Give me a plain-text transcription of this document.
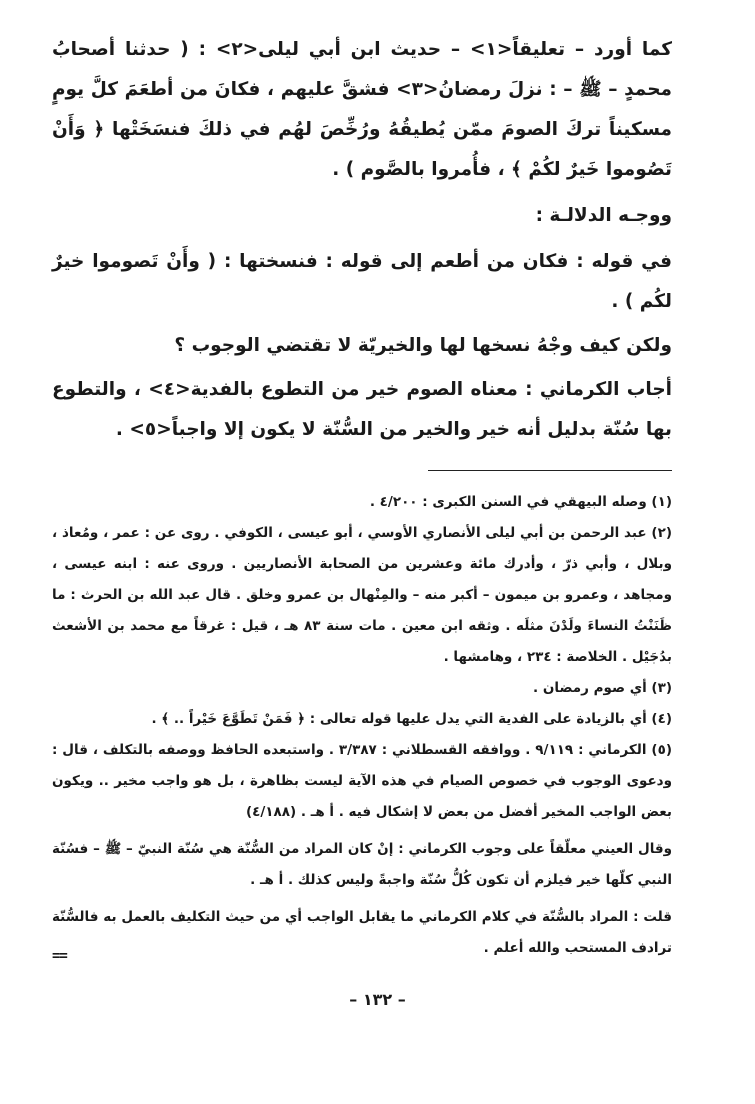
كما أورد – تعليقاً<١> – حديث ابن أبي ليلى<٢> : ( حدثنا أصحابُ محمدٍ – ﷺ – : نزلَ رمضانُ<٣> فشقَّ عليهم ، فكانَ من أطعَمَ كلَّ يومٍ مسكيناً تركَ الصومَ ممّن يُطيقُهُ ورُخِّصَ لهُم في ذلكَ فنسَخَتْها ﴿ وَأَنْ تَصُوموا خَيرٌ لكُمْ ﴾ ، فأُمروا بالصَّوم ) .

ووجـه الدلالـة :

في قوله : فكان من أطعم إلى قوله : فنسختها : ( وأَنْ تَصوموا خيرٌ لكُم ) .

ولكن كيف وجْهُ نسخها لها والخيريّة لا تقتضي الوجوب ؟

أجاب الكرماني : معناه الصوم خير من التطوع بالفدية<٤> ، والتطوع بها سُنّة بدليل أنه خير والخير من السُّنّة لا يكون إلا واجباً<٥> .

(١) وصله البيهقي في السنن الكبرى : ٤/٢٠٠ .

(٢) عبد الرحمن بن أبي ليلى الأنصاري الأوسي ، أبو عيسى ، الكوفي . روى عن : عمر ، ومُعاذ ، وبلال ، وأبي ذرّ ، وأدرك مائة وعشرين من الصحابة الأنصاريين . وروى عنه : ابنه عيسى ، ومجاهد ، وعمرو بن ميمون – أكبر منه – والمِنْهال بن عمرو وخلق . قال عبد الله بن الحرث : ما ظَنَنْتُ النساءَ ولَدْنَ مثلَه . وثقه ابن معين . مات سنة ٨٣ هـ ، قيل : غرقاً مع محمد بن الأشعث بدُجَيْل . الخلاصة : ٢٣٤ ، وهامشها .

(٣) أي صوم رمضان .

(٤) أي بالزيادة على الفدية التي يدل عليها قوله تعالى : ﴿ فَمَنْ تَطَوَّعَ خَيْراً .. ﴾ .

(٥) الكرماني : ٩/١١٩ . ووافقه القسطلاني : ٣/٣٨٧ . واستبعده الحافظ ووصفه بالتكلف ، قال : ودعوى الوجوب في خصوص الصيام في هذه الآية ليست بظاهرة ، بل هو واجب مخير .. ويكون بعض الواجب المخير أفضل من بعض لا إشكال فيه . أ هـ . (٤/١٨٨)

وقال العيني معلّقاً على وجوب الكرماني : إنْ كان المراد من السُّنّة هي سُنّة النبيّ – ﷺ – فسُنّة النبي كلّها خير فيلزم أن تكون كُلُّ سُنّة واجبةً وليس كذلك . أ هـ .

قلت : المراد بالسُّنّة في كلام الكرماني ما يقابل الواجب أي من حيث التكليف بالعمل به فالسُّنّة ترادف المستحب والله أعلم .

==
– ١٣٢ –
